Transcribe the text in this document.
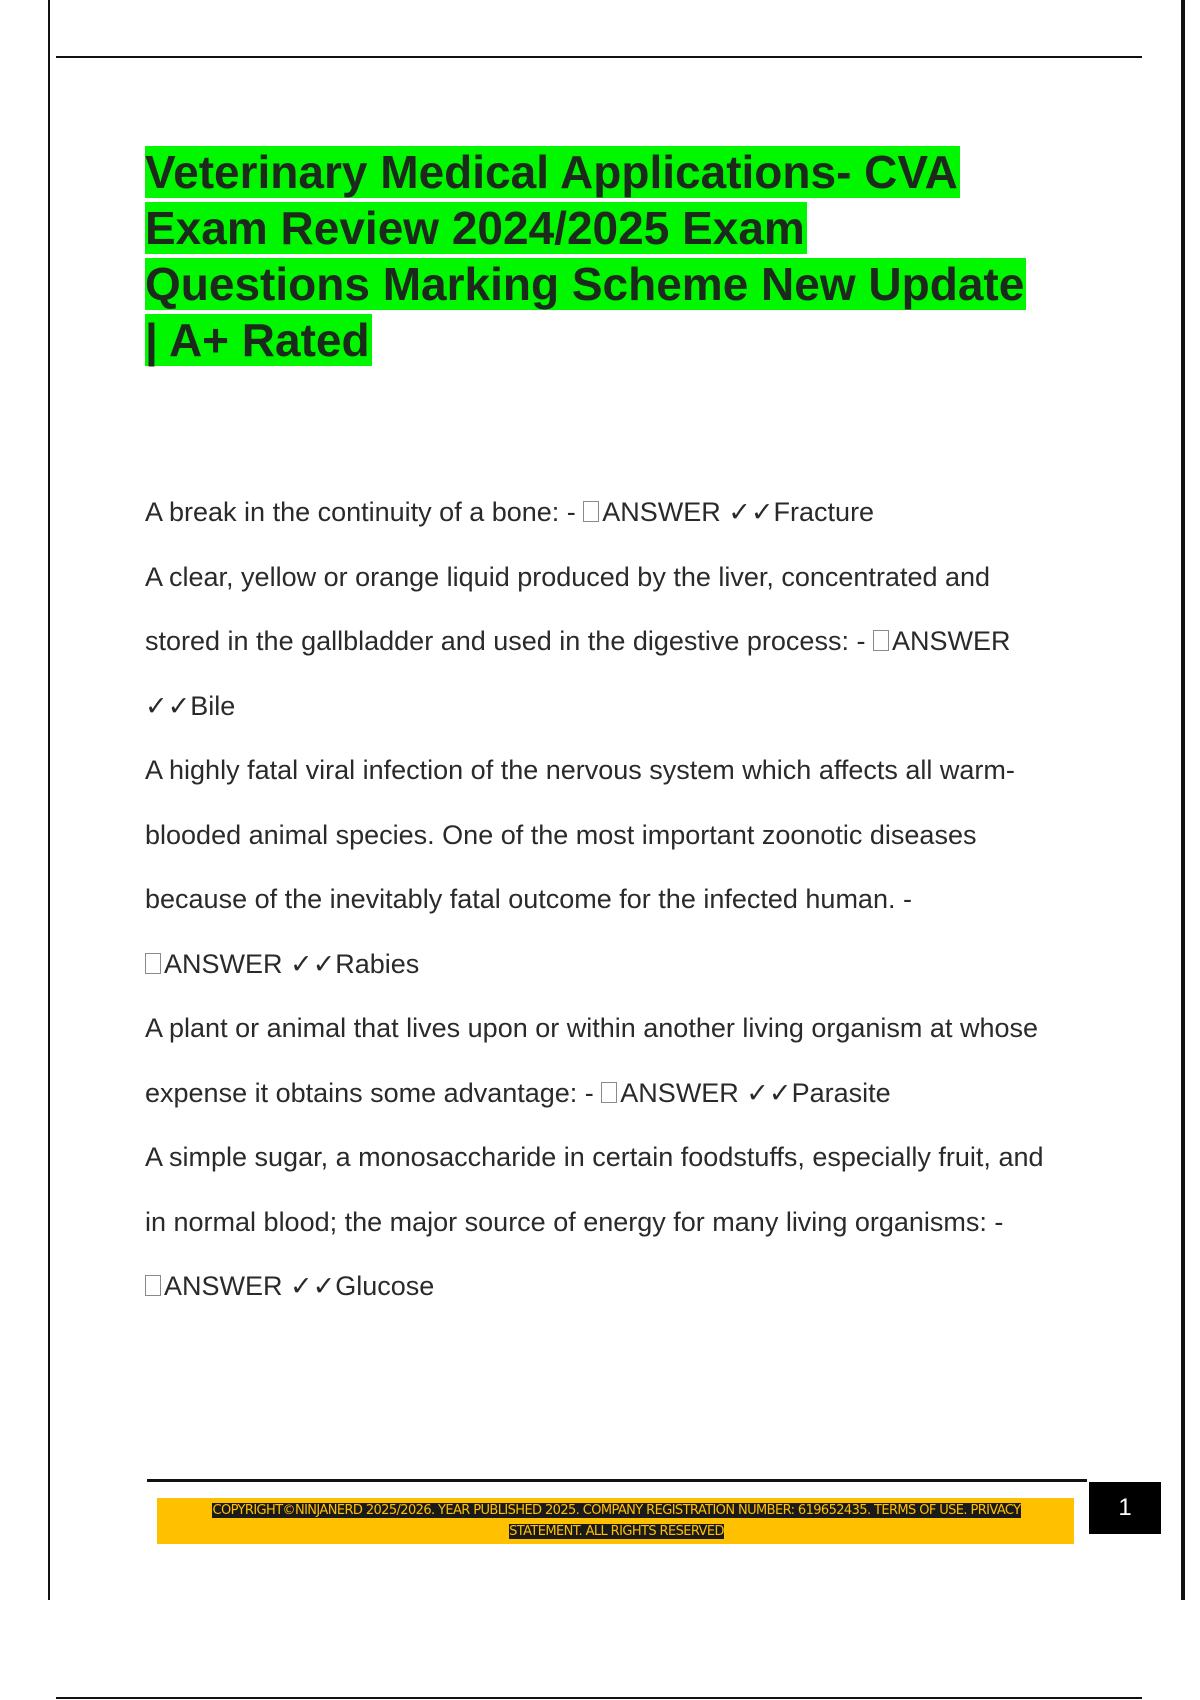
Veterinary Medical Applications- CVA
Exam Review 2024/2025 Exam
Questions Marking Scheme New Update
| A+ Rated

A break in the continuity of a bone: - ANSWER ✓✓Fracture

A clear, yellow or orange liquid produced by the liver, concentrated and
stored in the gallbladder and used in the digestive process: - ANSWER
✓✓Bile

A highly fatal viral infection of the nervous system which affects all warm-
blooded animal species. One of the most important zoonotic diseases
because of the inevitably fatal outcome for the infected human. -
ANSWER ✓✓Rabies

A plant or animal that lives upon or within another living organism at whose
expense it obtains some advantage: - ANSWER ✓✓Parasite

A simple sugar, a monosaccharide in certain foodstuffs, especially fruit, and
in normal blood; the major source of energy for many living organisms: -
ANSWER ✓✓Glucose

COPYRIGHT©NINJANERD 2025/2026. YEAR PUBLISHED 2025. COMPANY REGISTRATION NUMBER: 619652435. TERMS OF USE. PRIVACY
STATEMENT. ALL RIGHTS RESERVED
1
